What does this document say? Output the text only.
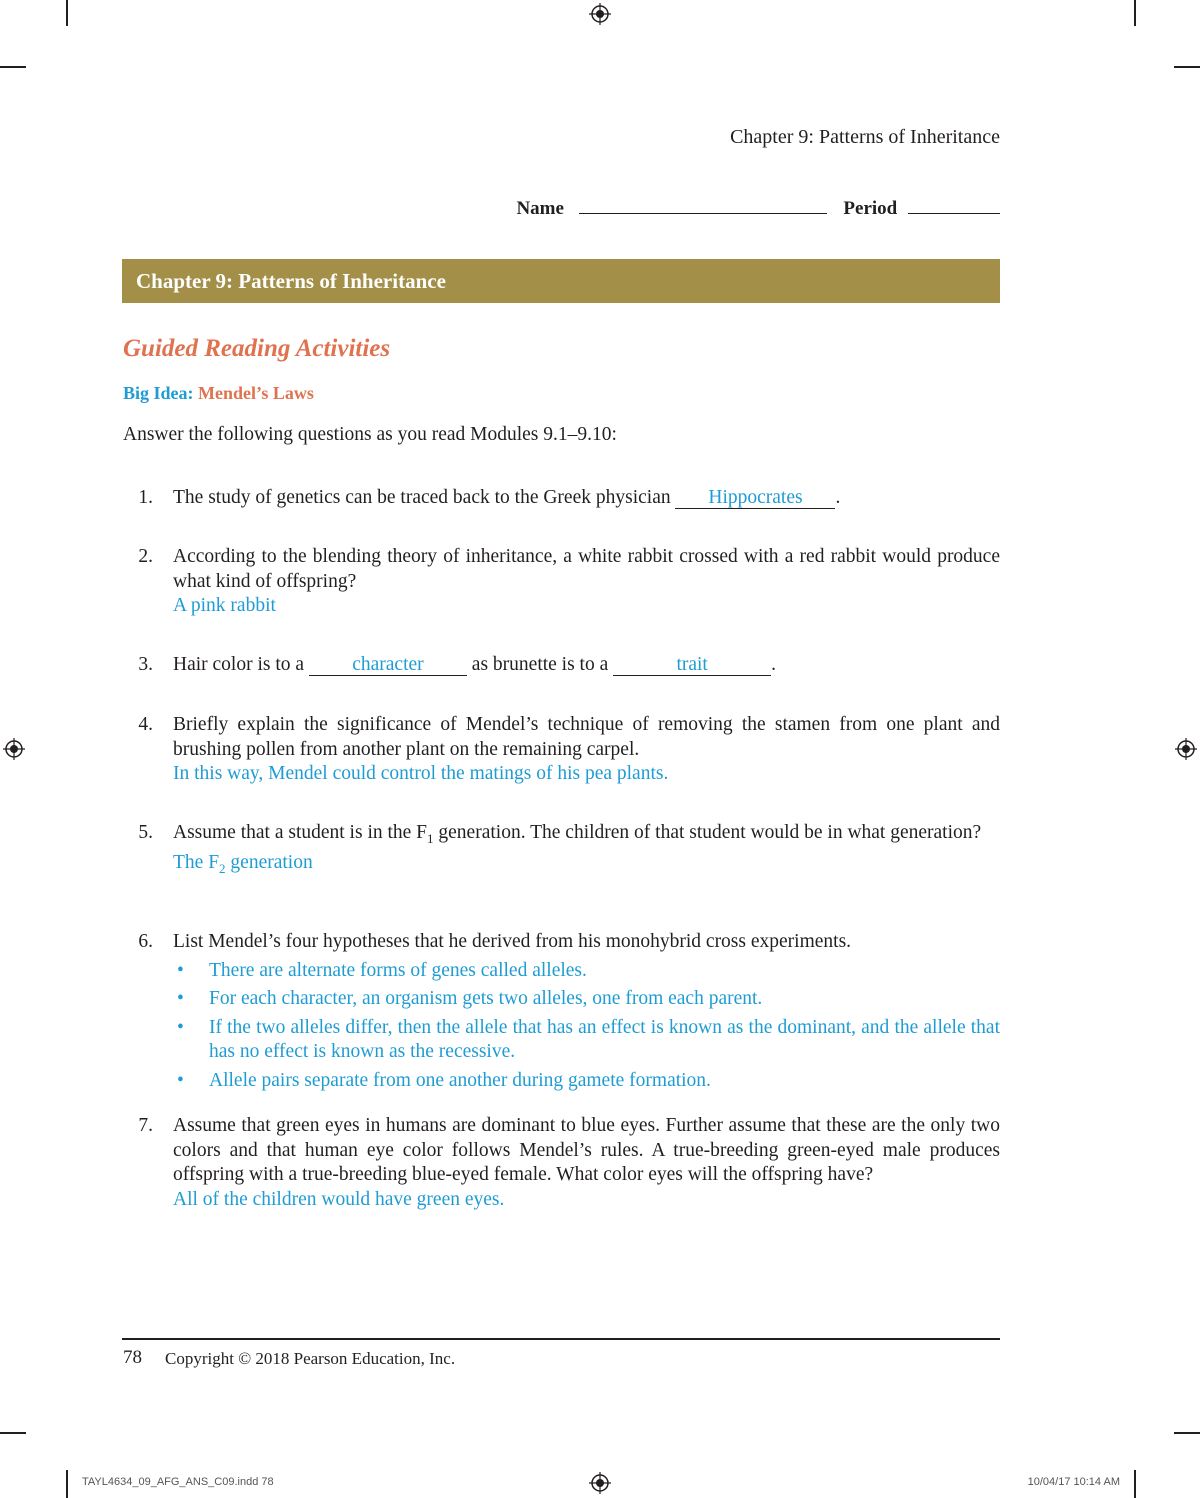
Chapter 9: Patterns of Inheritance
Name	Period
Chapter 9: Patterns of Inheritance
Guided Reading Activities
Big Idea: Mendel’s Laws
Answer the following questions as you read Modules 9.1–9.10:
1. The study of genetics can be traced back to the Greek physician Hippocrates .
2. According to the blending theory of inheritance, a white rabbit crossed with a red rabbit would produce what kind of offspring?
A pink rabbit
3. Hair color is to a character as brunette is to a	trait	.
4. Briefly explain the significance of Mendel’s technique of removing the stamen from one plant and brushing pollen from another plant on the remaining carpel.
In this way, Mendel could control the matings of his pea plants.
5. Assume that a student is in the $F_1$ generation. The children of that student would be in what generation?
The $F_2$ generation
6. List Mendel’s four hypotheses that he derived from his monohybrid cross experiments.
• There are alternate forms of genes called alleles.
• For each character, an organism gets two alleles, one from each parent.
• If the two alleles differ, then the allele that has an effect is known as the dominant, and the allele that has no effect is known as the recessive.
• Allele pairs separate from one another during gamete formation.
7. Assume that green eyes in humans are dominant to blue eyes. Further assume that these are the only two colors and that human eye color follows Mendel’s rules. A true-breeding green-eyed male produces offspring with a true-breeding blue-eyed female. What color eyes will the offspring have?
All of the children would have green eyes.
78 Copyright © 2018 Pearson Education, Inc.
TAYL4634_09_AFG_ANS_C09.indd 78	10/04/17 10:14 AM
